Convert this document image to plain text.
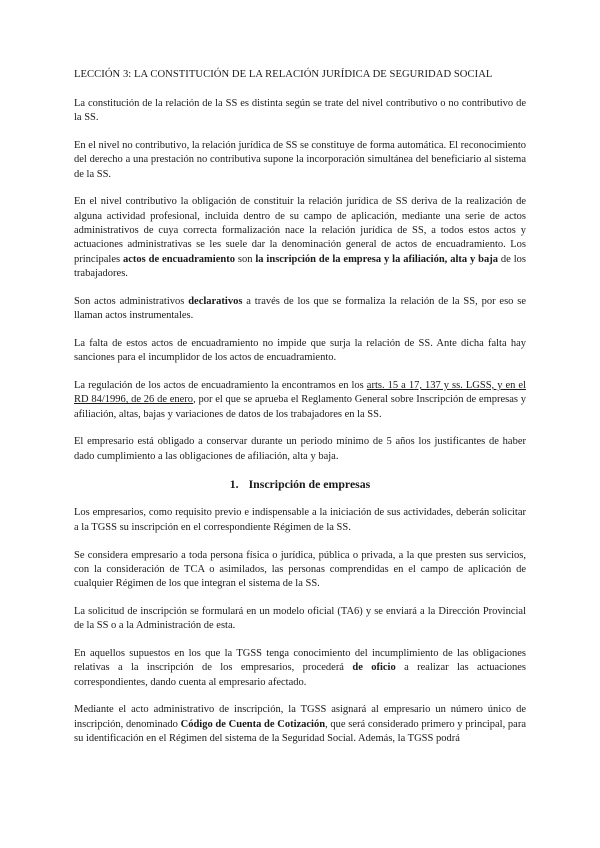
LECCIÓN 3: LA CONSTITUCIÓN DE LA RELACIÓN JURÍDICA DE SEGURIDAD SOCIAL

La constitución de la relación de la SS es distinta según se trate del nivel contributivo o no contributivo de la SS.

En el nivel no contributivo, la relación jurídica de SS se constituye de forma automática. El reconocimiento del derecho a una prestación no contributiva supone la incorporación simultánea del beneficiario al sistema de la SS.

En el nivel contributivo la obligación de constituir la relación jurídica de SS deriva de la realización de alguna actividad profesional, incluida dentro de su campo de aplicación, mediante una serie de actos administrativos de cuya correcta formalización nace la relación jurídica de SS, a todos estos actos y actuaciones administrativas se les suele dar la denominación general de actos de encuadramiento. Los principales actos de encuadramiento son la inscripción de la empresa y la afiliación, alta y baja de los trabajadores.

Son actos administrativos declarativos a través de los que se formaliza la relación de la SS, por eso se llaman actos instrumentales.

La falta de estos actos de encuadramiento no impide que surja la relación de SS. Ante dicha falta hay sanciones para el incumplidor de los actos de encuadramiento.

La regulación de los actos de encuadramiento la encontramos en los arts. 15 a 17, 137 y ss. LGSS, y en el RD 84/1996, de 26 de enero, por el que se aprueba el Reglamento General sobre Inscripción de empresas y afiliación, altas, bajas y variaciones de datos de los trabajadores en la SS.

El empresario está obligado a conservar durante un periodo mínimo de 5 años los justificantes de haber dado cumplimiento a las obligaciones de afiliación, alta y baja.

1. Inscripción de empresas

Los empresarios, como requisito previo e indispensable a la iniciación de sus actividades, deberán solicitar a la TGSS su inscripción en el correspondiente Régimen de la SS.

Se considera empresario a toda persona física o jurídica, pública o privada, a la que presten sus servicios, con la consideración de TCA o asimilados, las personas comprendidas en el campo de aplicación de cualquier Régimen de los que integran el sistema de la SS.

La solicitud de inscripción se formulará en un modelo oficial (TA6) y se enviará a la Dirección Provincial de la SS o a la Administración de esta.

En aquellos supuestos en los que la TGSS tenga conocimiento del incumplimiento de las obligaciones relativas a la inscripción de los empresarios, procederá de oficio a realizar las actuaciones correspondientes, dando cuenta al empresario afectado.

Mediante el acto administrativo de inscripción, la TGSS asignará al empresario un número único de inscripción, denominado Código de Cuenta de Cotización, que será considerado primero y principal, para su identificación en el Régimen del sistema de la Seguridad Social. Además, la TGSS podrá
